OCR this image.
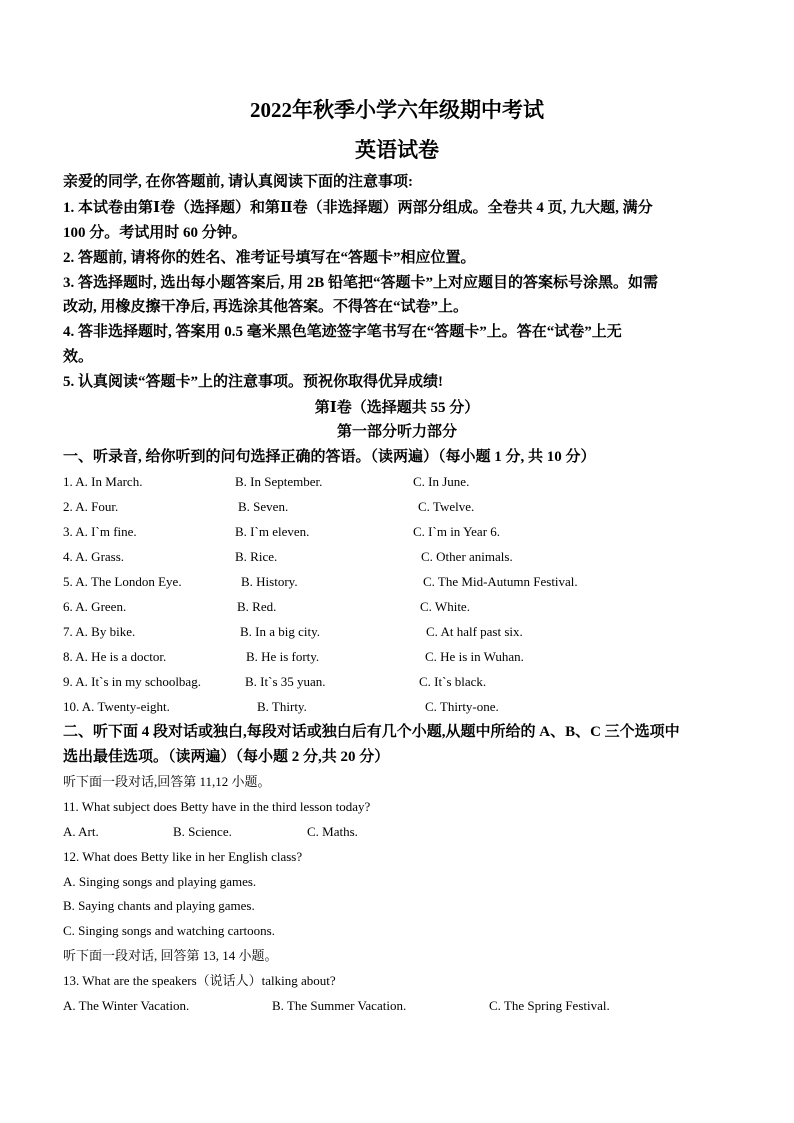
2022年秋季小学六年级期中考试
英语试卷
亲爱的同学, 在你答题前, 请认真阅读下面的注意事项:
1. 本试卷由第Ⅰ卷（选择题）和第Ⅱ卷（非选择题）两部分组成。全卷共 4 页, 九大题, 满分
100 分。考试用时 60 分钟。
2. 答题前, 请将你的姓名、准考证号填写在“答题卡”相应位置。
3. 答选择题时, 选出每小题答案后, 用 2B 铅笔把“答题卡”上对应题目的答案标号涂黑。如需
改动, 用橡皮擦干净后, 再选涂其他答案。不得答在“试卷”上。
4. 答非选择题时, 答案用 0.5 毫米黑色笔迹签字笔书写在“答题卡”上。答在“试卷”上无
效。
5. 认真阅读“答题卡”上的注意事项。预祝你取得优异成绩!
第Ⅰ卷（选择题共 55 分）
第一部分听力部分
一、听录音, 给你听到的问句选择正确的答语。（读两遍）（每小题 1 分, 共 10 分）
1. A. In March.	B. In September.	C. In June.
2. A. Four.	B. Seven.	C. Twelve.
3. A. I`m fine.	B. I`m eleven.	C. I`m in Year 6.
4. A. Grass.	B. Rice.	C. Other animals.
5. A. The London Eye.	B. History.	C. The Mid-Autumn Festival.
6. A. Green.	B. Red.	C. White.
7. A. By bike.	B. In a big city.	C. At half past six.
8. A. He is a doctor.	B. He is forty.	C. He is in Wuhan.
9. A. It`s in my schoolbag.	B. It`s 35 yuan.	C. It`s black.
10. A. Twenty-eight.	B. Thirty.	C. Thirty-one.
二、听下面 4 段对话或独白,每段对话或独白后有几个小题,从题中所给的 A、B、C 三个选项中
选出最佳选项。（读两遍）（每小题 2 分,共 20 分）
听下面一段对话,回答第 11,12 小题。
11. What subject does Betty have in the third lesson today?
A. Art.	B. Science.	C. Maths.
12. What does Betty like in her English class?
A. Singing songs and playing games.
B. Saying chants and playing games.
C. Singing songs and watching cartoons.
听下面一段对话, 回答第 13, 14 小题。
13. What are the speakers（说话人）talking about?
A. The Winter Vacation.	B. The Summer Vacation.	C. The Spring Festival.
